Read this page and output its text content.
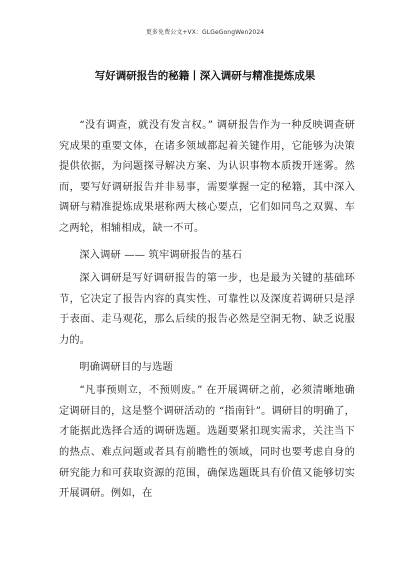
更多免费公文+VX：GLGeGongWen2024
写好调研报告的秘籍丨深入调研与精准提炼成果

“没有调查，就没有发言权。” 调研报告作为一种反映调查研究成果的重要文体，在诸多领域都起着关键作用，它能够为决策提供依据，为问题探寻解决方案、为认识事物本质拨开迷雾。然而，要写好调研报告并非易事，需要掌握一定的秘籍，其中深入调研与精准提炼成果堪称两大核心要点，它们如同鸟之双翼、车之两轮，相辅相成，缺一不可。

深入调研 —— 筑牢调研报告的基石

深入调研是写好调研报告的第一步，也是最为关键的基础环节，它决定了报告内容的真实性、可靠性以及深度若调研只是浮于表面、走马观花，那么后续的报告必然是空洞无物、缺乏说服力的。

明确调研目的与选题

“凡事预则立，不预则废。” 在开展调研之前，必须清晰地确定调研目的，这是整个调研活动的 “指南针”。调研目的明确了，才能据此选择合适的调研选题。选题要紧扣现实需求，关注当下的热点、难点问题或者具有前瞻性的领域，同时也要考虑自身的研究能力和可获取资源的范围，确保选题既具有价值又能够切实开展调研。例如，在
